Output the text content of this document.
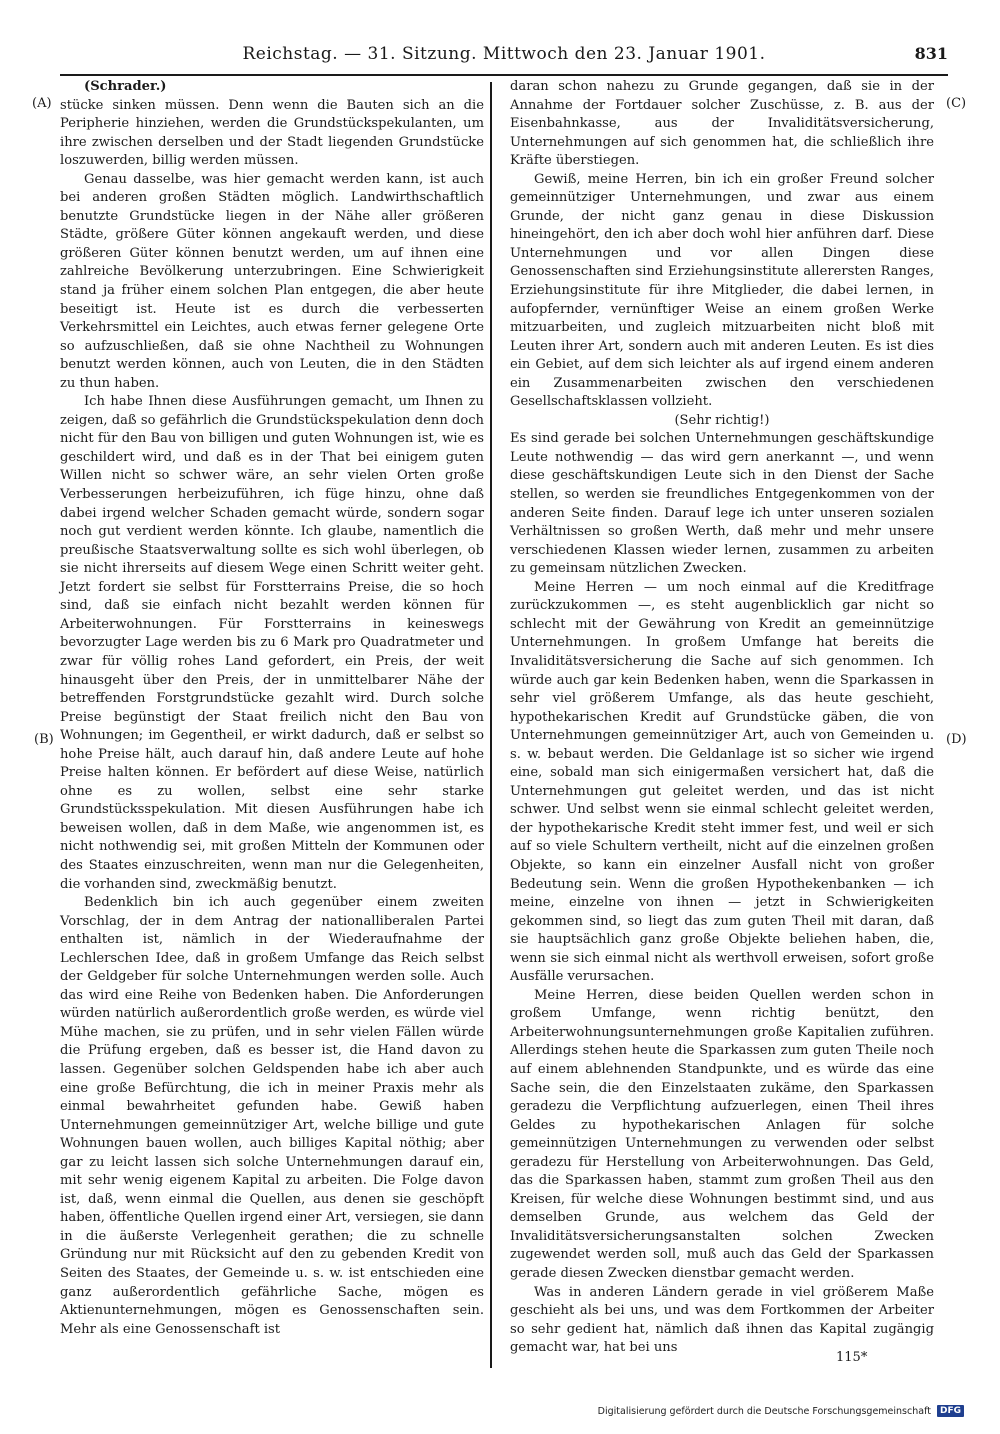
Reichstag. — 31. Sitzung. Mittwoch den 23. Januar 1901.	831
(A)
(B)
(C)
(D)

(Schrader.)

stücke sinken müssen. Denn wenn die Bauten sich an die Peripherie hinziehen, werden die Grundstückspekulanten, um ihre zwischen derselben und der Stadt liegenden Grundstücke loszuwerden, billig werden müssen.

Genau dasselbe, was hier gemacht werden kann, ist auch bei anderen großen Städten möglich. Landwirthschaftlich benutzte Grundstücke liegen in der Nähe aller größeren Städte, größere Güter können angekauft werden, und diese größeren Güter können benutzt werden, um auf ihnen eine zahlreiche Bevölkerung unterzubringen. Eine Schwierigkeit stand ja früher einem solchen Plan entgegen, die aber heute beseitigt ist. Heute ist es durch die verbesserten Verkehrsmittel ein Leichtes, auch etwas ferner gelegene Orte so aufzuschließen, daß sie ohne Nachtheil zu Wohnungen benutzt werden können, auch von Leuten, die in den Städten zu thun haben.

Ich habe Ihnen diese Ausführungen gemacht, um Ihnen zu zeigen, daß so gefährlich die Grundstückspekulation denn doch nicht für den Bau von billigen und guten Wohnungen ist, wie es geschildert wird, und daß es in der That bei einigem guten Willen nicht so schwer wäre, an sehr vielen Orten große Verbesserungen herbeizuführen, ich füge hinzu, ohne daß dabei irgend welcher Schaden gemacht würde, sondern sogar noch gut verdient werden könnte. Ich glaube, namentlich die preußische Staatsverwaltung sollte es sich wohl überlegen, ob sie nicht ihrerseits auf diesem Wege einen Schritt weiter geht. Jetzt fordert sie selbst für Forstterrains Preise, die so hoch sind, daß sie einfach nicht bezahlt werden können für Arbeiterwohnungen. Für Forstterrains in keineswegs bevorzugter Lage werden bis zu 6 Mark pro Quadratmeter und zwar für völlig rohes Land gefordert, ein Preis, der weit hinausgeht über den Preis, der in unmittelbarer Nähe der betreffenden Forstgrundstücke gezahlt wird. Durch solche Preise begünstigt der Staat freilich nicht den Bau von Wohnungen; im Gegentheil, er wirkt dadurch, daß er selbst so hohe Preise hält, auch darauf hin, daß andere Leute auf hohe Preise halten können. Er befördert auf diese Weise, natürlich ohne es zu wollen, selbst eine sehr starke Grundstücksspekulation. Mit diesen Ausführungen habe ich beweisen wollen, daß in dem Maße, wie angenommen ist, es nicht nothwendig sei, mit großen Mitteln der Kommunen oder des Staates einzuschreiten, wenn man nur die Gelegenheiten, die vorhanden sind, zweckmäßig benutzt.

Bedenklich bin ich auch gegenüber einem zweiten Vorschlag, der in dem Antrag der nationalliberalen Partei enthalten ist, nämlich in der Wiederaufnahme der Lechlerschen Idee, daß in großem Umfange das Reich selbst der Geldgeber für solche Unternehmungen werden solle. Auch das wird eine Reihe von Bedenken haben. Die Anforderungen würden natürlich außerordentlich große werden, es würde viel Mühe machen, sie zu prüfen, und in sehr vielen Fällen würde die Prüfung ergeben, daß es besser ist, die Hand davon zu lassen. Gegenüber solchen Geldspenden habe ich aber auch eine große Befürchtung, die ich in meiner Praxis mehr als einmal bewahrheitet gefunden habe. Gewiß haben Unternehmungen gemeinnütziger Art, welche billige und gute Wohnungen bauen wollen, auch billiges Kapital nöthig; aber gar zu leicht lassen sich solche Unternehmungen darauf ein, mit sehr wenig eigenem Kapital zu arbeiten. Die Folge davon ist, daß, wenn einmal die Quellen, aus denen sie geschöpft haben, öffentliche Quellen irgend einer Art, versiegen, sie dann in die äußerste Verlegenheit gerathen; die zu schnelle Gründung nur mit Rücksicht auf den zu gebenden Kredit von Seiten des Staates, der Gemeinde u. s. w. ist entschieden eine ganz außerordentlich gefährliche Sache, mögen es Aktienunternehmungen, mögen es Genossenschaften sein. Mehr als eine Genossenschaft ist

daran schon nahezu zu Grunde gegangen, daß sie in der Annahme der Fortdauer solcher Zuschüsse, z. B. aus der Eisenbahnkasse, aus der Invaliditätsversicherung, Unternehmungen auf sich genommen hat, die schließlich ihre Kräfte überstiegen.

Gewiß, meine Herren, bin ich ein großer Freund solcher gemeinnütziger Unternehmungen, und zwar aus einem Grunde, der nicht ganz genau in diese Diskussion hineingehört, den ich aber doch wohl hier anführen darf. Diese Unternehmungen und vor allen Dingen diese Genossenschaften sind Erziehungsinstitute allerersten Ranges, Erziehungsinstitute für ihre Mitglieder, die dabei lernen, in aufopfernder, vernünftiger Weise an einem großen Werke mitzuarbeiten, und zugleich mitzuarbeiten nicht bloß mit Leuten ihrer Art, sondern auch mit anderen Leuten. Es ist dies ein Gebiet, auf dem sich leichter als auf irgend einem anderen ein Zusammenarbeiten zwischen den verschiedenen Gesellschaftsklassen vollzieht.

(Sehr richtig!)

Es sind gerade bei solchen Unternehmungen geschäftskundige Leute nothwendig — das wird gern anerkannt —, und wenn diese geschäftskundigen Leute sich in den Dienst der Sache stellen, so werden sie freundliches Entgegenkommen von der anderen Seite finden. Darauf lege ich unter unseren sozialen Verhältnissen so großen Werth, daß mehr und mehr unsere verschiedenen Klassen wieder lernen, zusammen zu arbeiten zu gemeinsam nützlichen Zwecken.

Meine Herren — um noch einmal auf die Kreditfrage zurückzukommen —, es steht augenblicklich gar nicht so schlecht mit der Gewährung von Kredit an gemeinnützige Unternehmungen. In großem Umfange hat bereits die Invaliditätsversicherung die Sache auf sich genommen. Ich würde auch gar kein Bedenken haben, wenn die Sparkassen in sehr viel größerem Umfange, als das heute geschieht, hypothekarischen Kredit auf Grundstücke gäben, die von Unternehmungen gemeinnütziger Art, auch von Gemeinden u. s. w. bebaut werden. Die Geldanlage ist so sicher wie irgend eine, sobald man sich einigermaßen versichert hat, daß die Unternehmungen gut geleitet werden, und das ist nicht schwer. Und selbst wenn sie einmal schlecht geleitet werden, der hypothekarische Kredit steht immer fest, und weil er sich auf so viele Schultern vertheilt, nicht auf die einzelnen großen Objekte, so kann ein einzelner Ausfall nicht von großer Bedeutung sein. Wenn die großen Hypothekenbanken — ich meine, einzelne von ihnen — jetzt in Schwierigkeiten gekommen sind, so liegt das zum guten Theil mit daran, daß sie hauptsächlich ganz große Objekte beliehen haben, die, wenn sie sich einmal nicht als werthvoll erweisen, sofort große Ausfälle verursachen.

Meine Herren, diese beiden Quellen werden schon in großem Umfange, wenn richtig benützt, den Arbeiterwohnungsunternehmungen große Kapitalien zuführen. Allerdings stehen heute die Sparkassen zum guten Theile noch auf einem ablehnenden Standpunkte, und es würde das eine Sache sein, die den Einzelstaaten zukäme, den Sparkassen geradezu die Verpflichtung aufzuerlegen, einen Theil ihres Geldes zu hypothekarischen Anlagen für solche gemeinnützigen Unternehmungen zu verwenden oder selbst geradezu für Herstellung von Arbeiterwohnungen. Das Geld, das die Sparkassen haben, stammt zum großen Theil aus den Kreisen, für welche diese Wohnungen bestimmt sind, und aus demselben Grunde, aus welchem das Geld der Invaliditätsversicherungsanstalten solchen Zwecken zugewendet werden soll, muß auch das Geld der Sparkassen gerade diesen Zwecken dienstbar gemacht werden.

Was in anderen Ländern gerade in viel größerem Maße geschieht als bei uns, und was dem Fortkommen der Arbeiter so sehr gedient hat, nämlich daß ihnen das Kapital zugängig gemacht war, hat bei uns

115*
Digitalisierung gefördert durch die Deutsche Forschungsgemeinschaft	DFG
